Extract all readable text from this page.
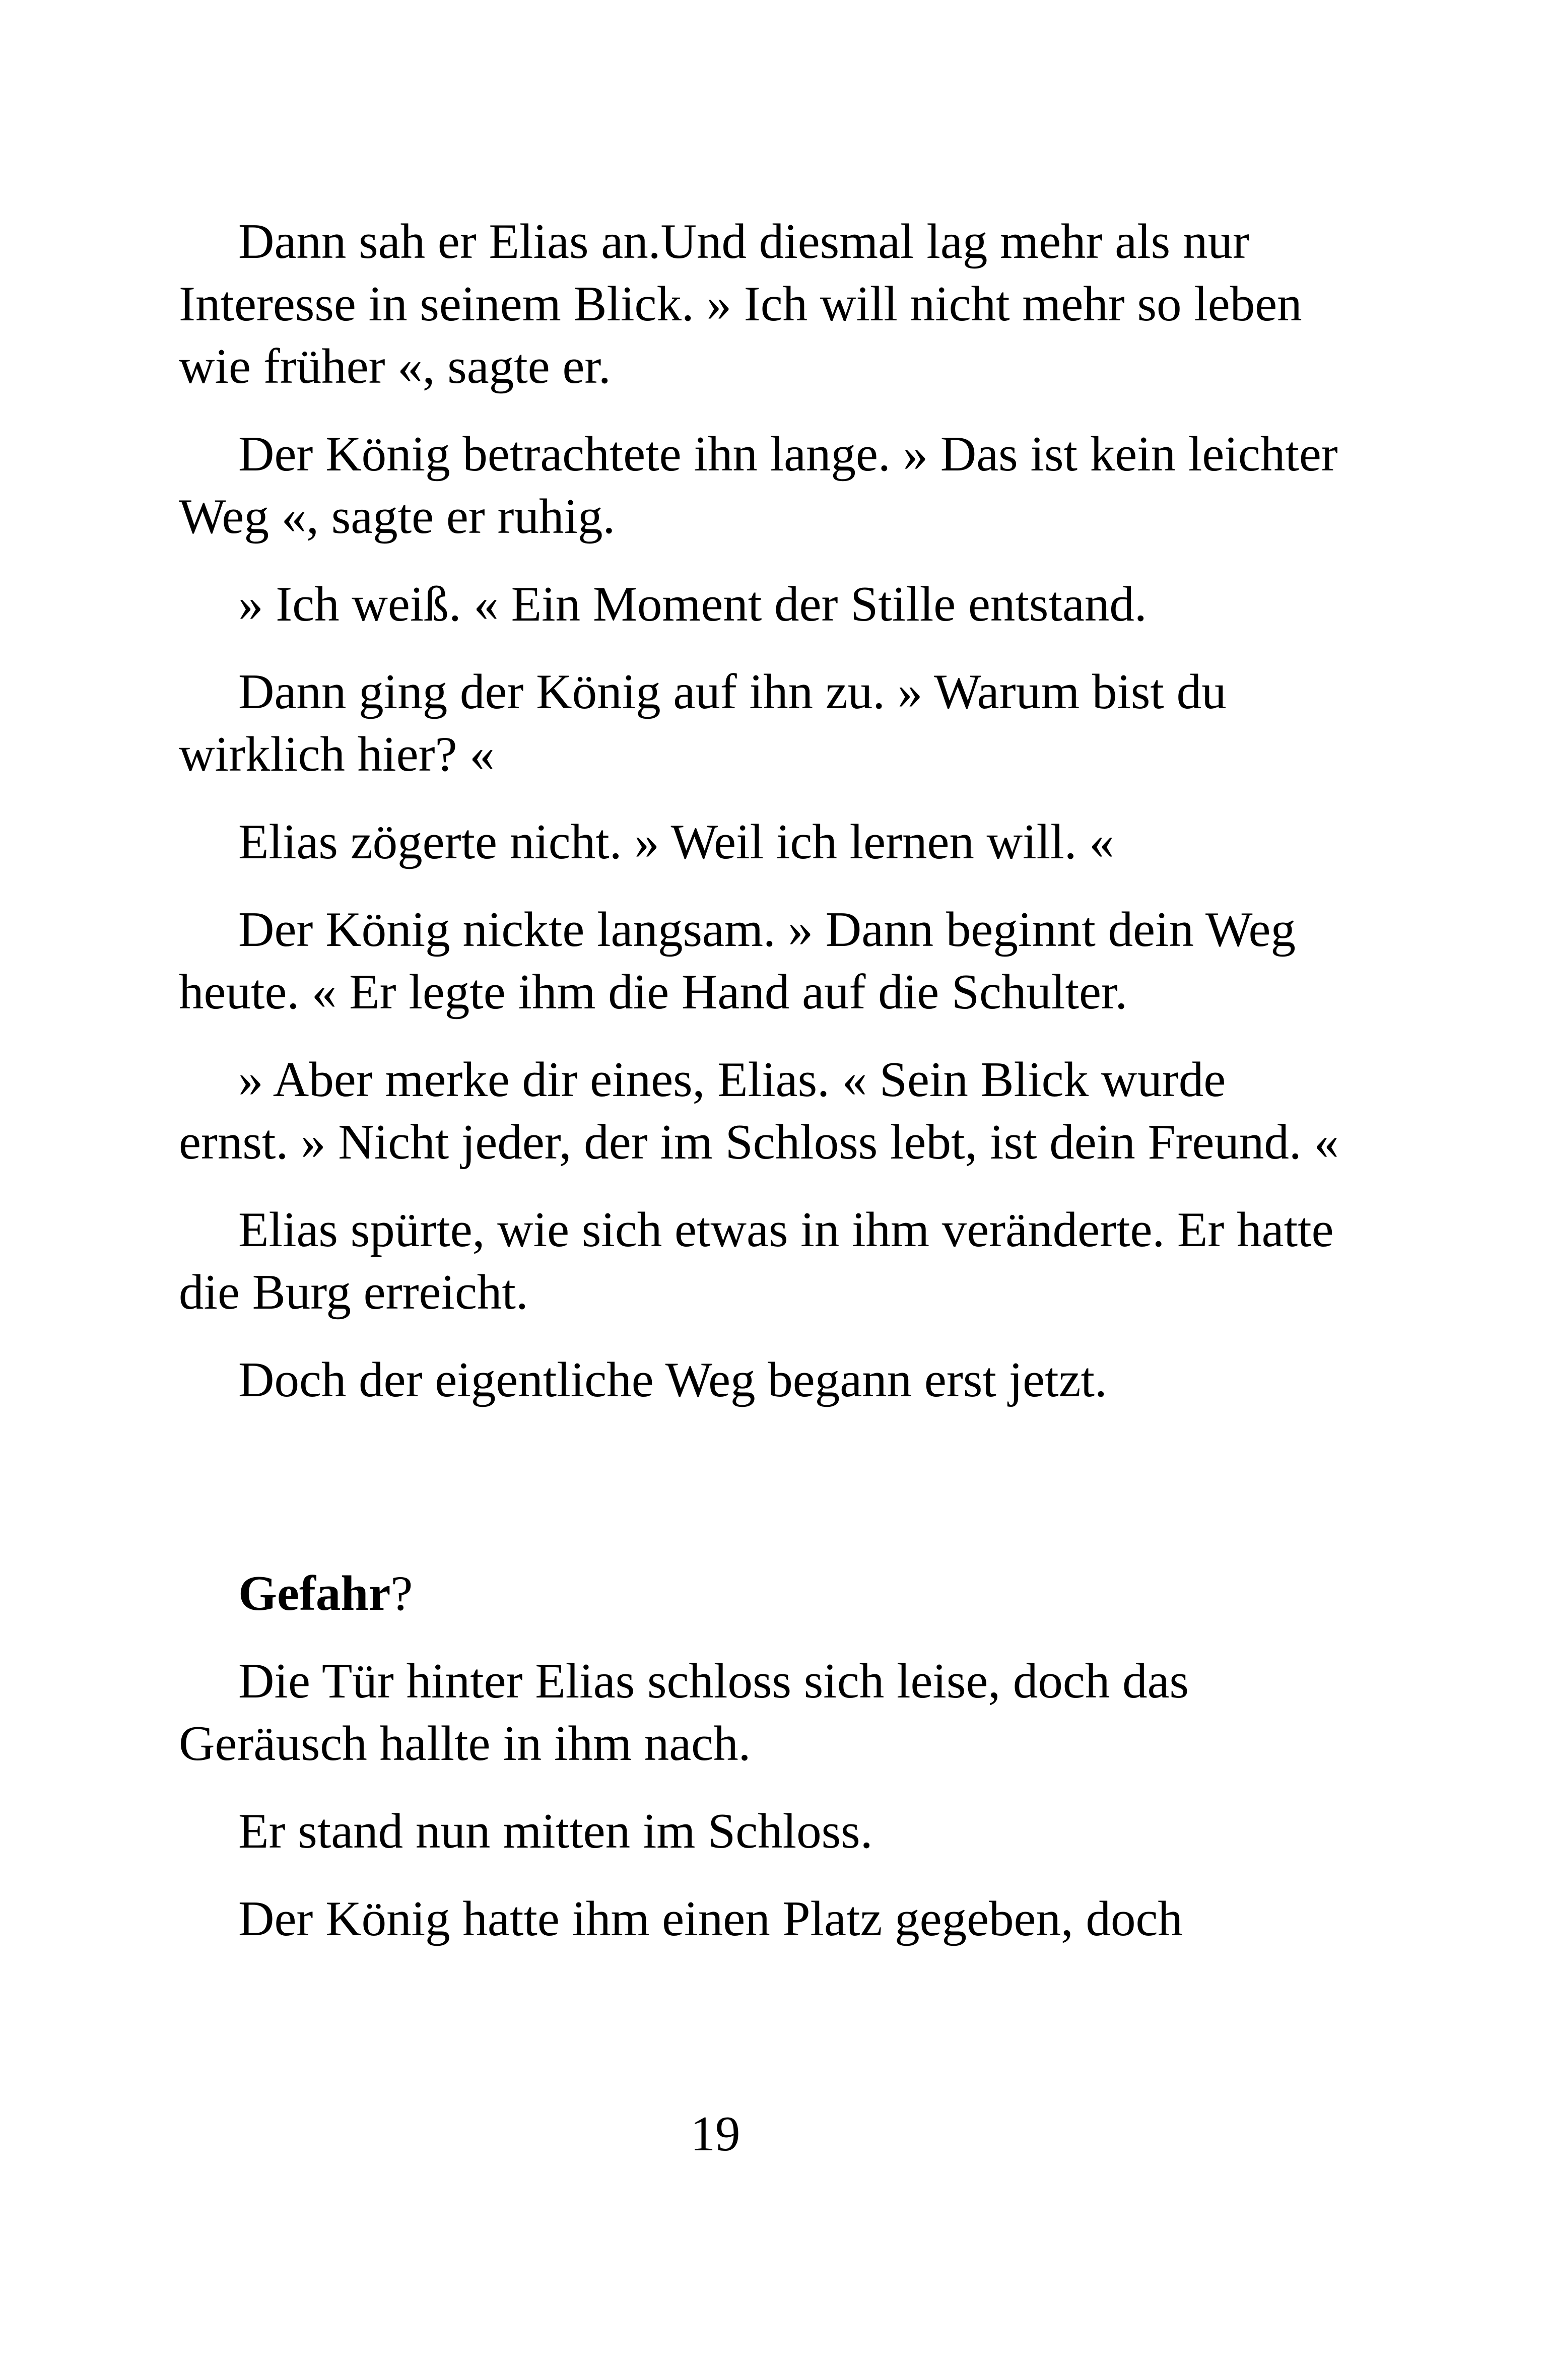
Dann sah er Elias an.Und diesmal lag mehr als nur Interesse in seinem Blick. » Ich will nicht mehr so leben wie früher «, sagte er.

Der König betrachtete ihn lange. » Das ist kein leichter Weg «, sagte er ruhig.

» Ich weiß. « Ein Moment der Stille entstand.

Dann ging der König auf ihn zu. » Warum bist du wirklich hier? «

Elias zögerte nicht. » Weil ich lernen will. «

Der König nickte langsam. » Dann beginnt dein Weg heute. « Er legte ihm die Hand auf die Schulter.

» Aber merke dir eines, Elias. « Sein Blick wurde ernst. » Nicht jeder, der im Schloss lebt, ist dein Freund. «

Elias spürte, wie sich etwas in ihm veränderte. Er hatte die Burg erreicht.

Doch der eigentliche Weg begann erst jetzt.

Gefahr?

Die Tür hinter Elias schloss sich leise, doch das Geräusch hallte in ihm nach.

Er stand nun mitten im Schloss.

Der König hatte ihm einen Platz gegeben, doch

19
